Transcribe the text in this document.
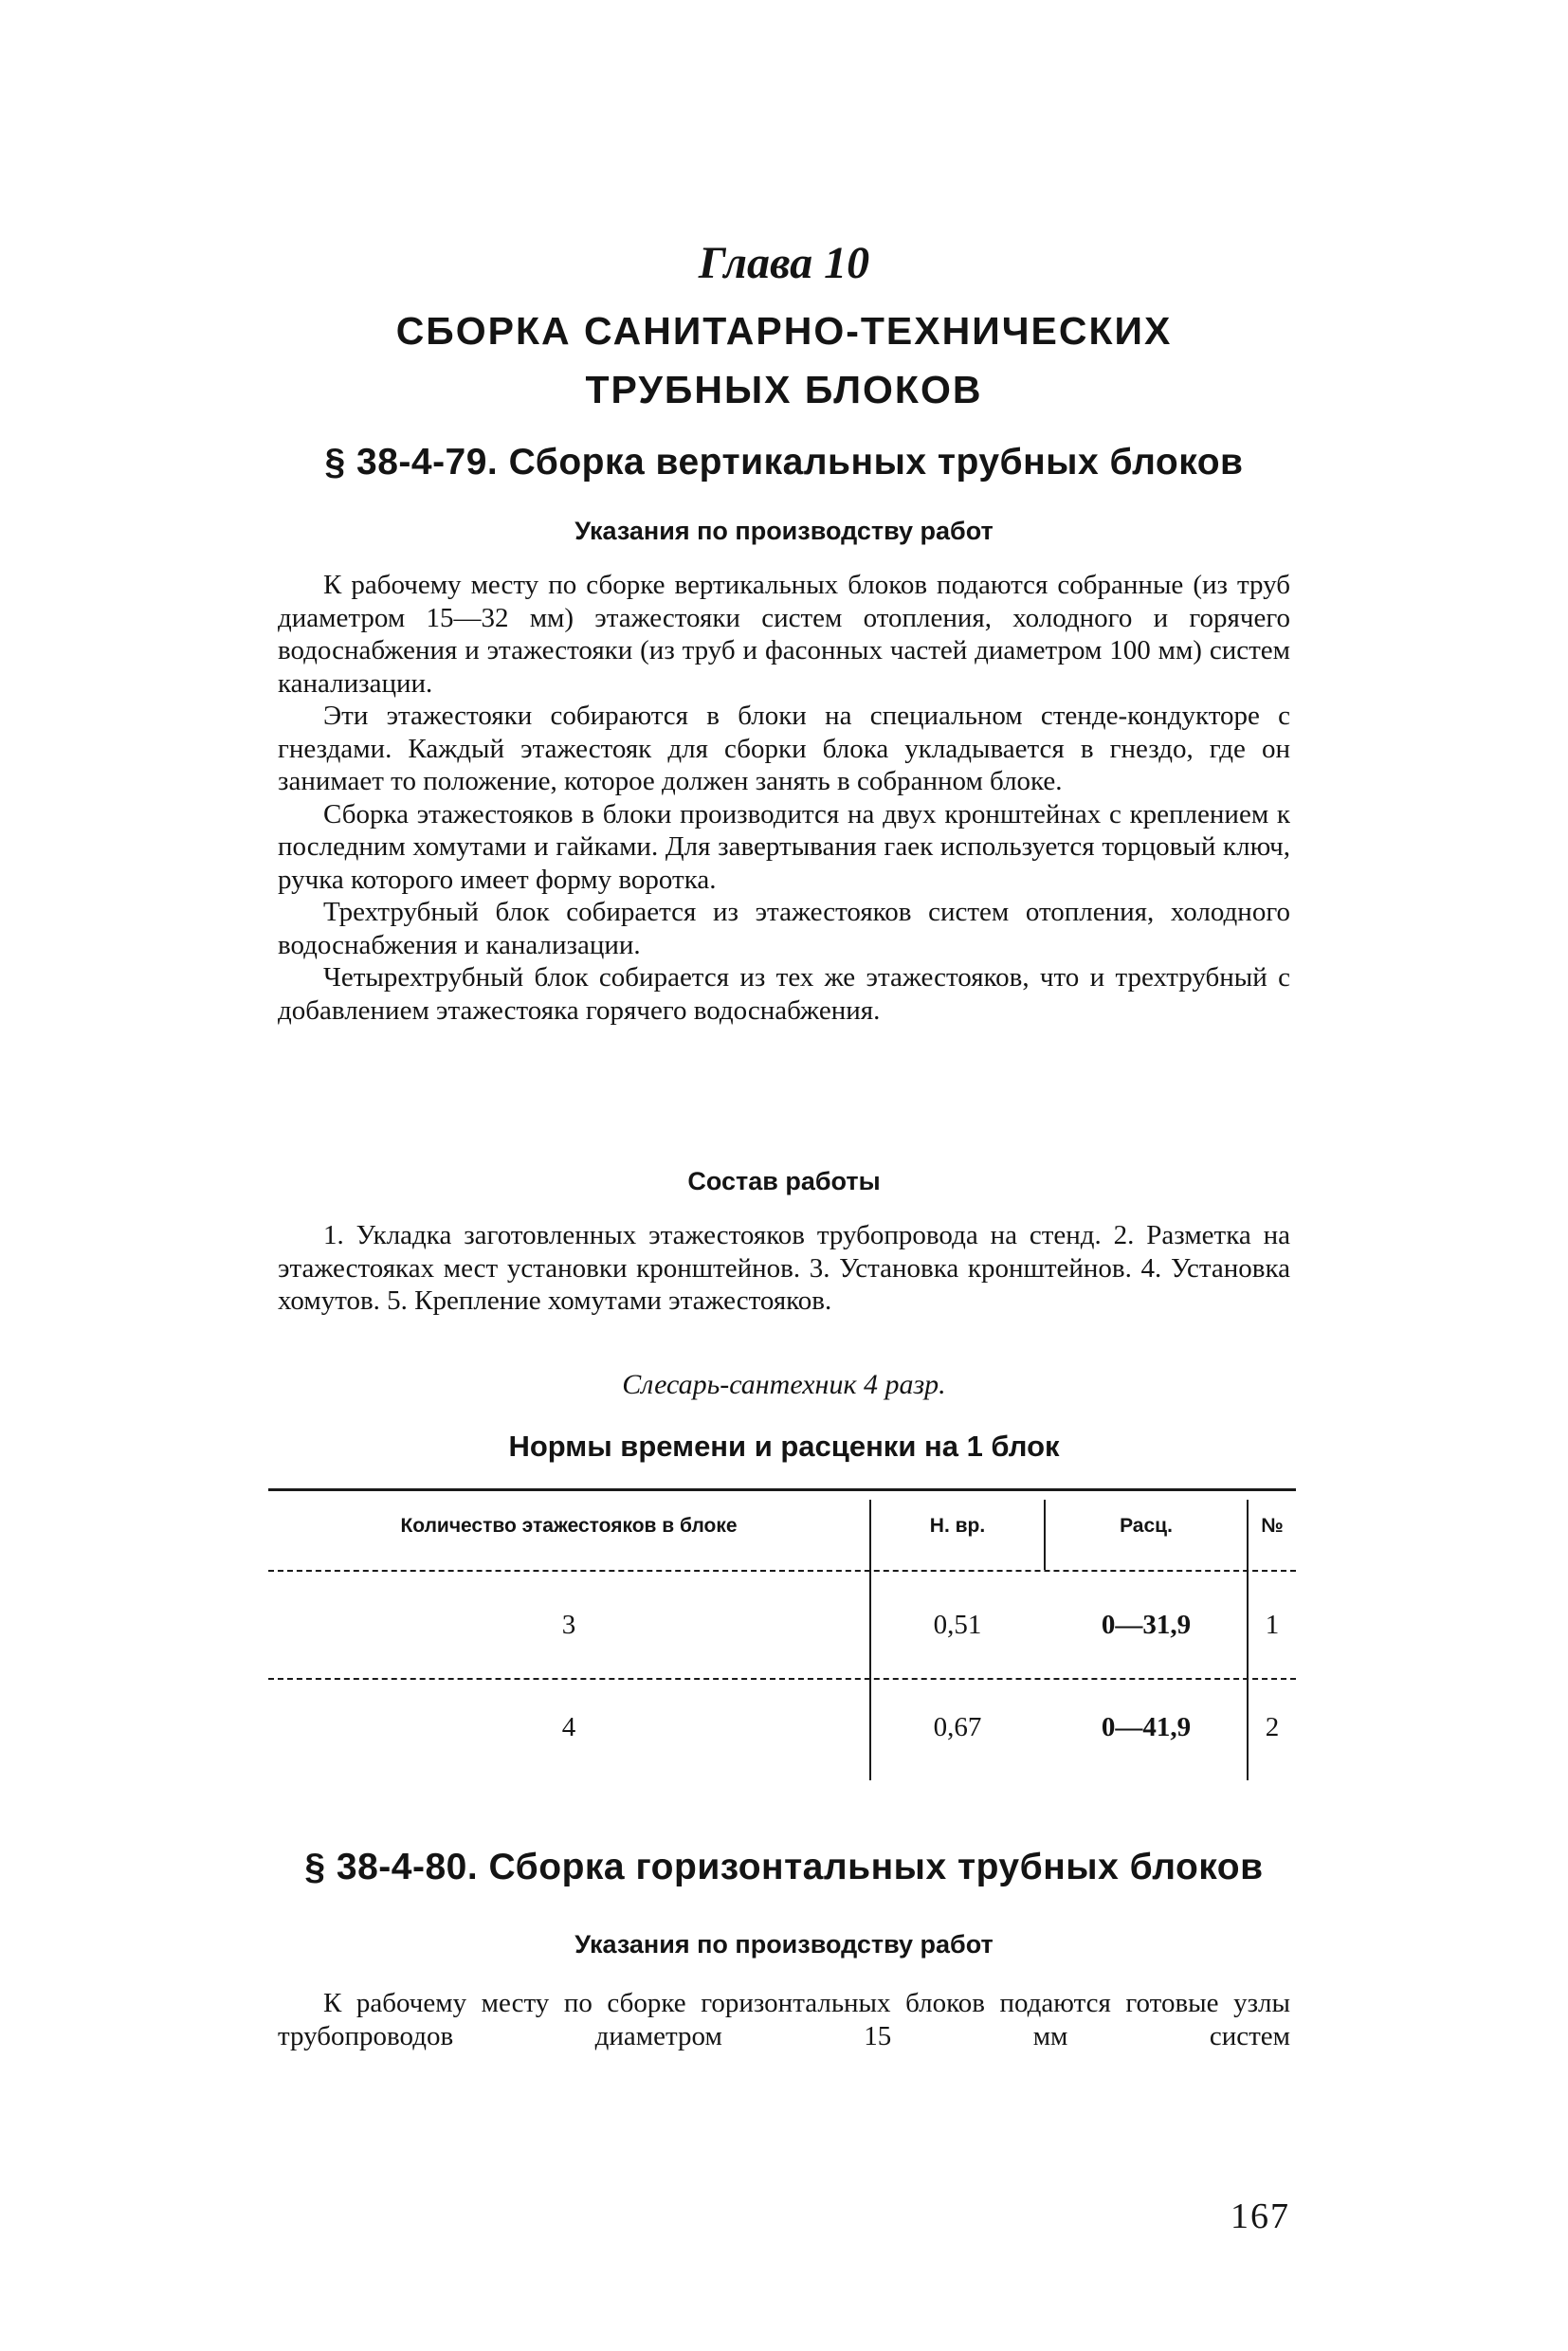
Глава 10
СБОРКА САНИТАРНО-ТЕХНИЧЕСКИХ
ТРУБНЫХ БЛОКОВ
§ 38-4-79. Сборка вертикальных трубных блоков
Указания по производству работ

К рабочему месту по сборке вертикальных блоков подаются собранные (из труб диаметром 15—32 мм) этажестояки систем отопления, холодного и горячего водоснабжения и этажестояки (из труб и фасонных частей диаметром 100 мм) систем канализации.

Эти этажестояки собираются в блоки на специальном стенде-кондукторе с гнездами. Каждый этажестояк для сборки блока укладывается в гнездо, где он занимает то положение, которое должен занять в собранном блоке.

Сборка этажестояков в блоки производится на двух кронштейнах с креплением к последним хомутами и гайками. Для завертывания гаек используется торцовый ключ, ручка которого имеет форму воротка.

Трехтрубный блок собирается из этажестояков систем отопления, холодного водоснабжения и канализации.

Четырехтрубный блок собирается из тех же этажестояков, что и трехтрубный с добавлением этажестояка горячего водоснабжения.

Состав работы

1. Укладка заготовленных этажестояков трубопровода на стенд. 2. Разметка на этажестояках мест установки кронштейнов. 3. Установка кронштейнов. 4. Установка хомутов. 5. Крепление хомутами этажестояков.

Слесарь-сантехник 4 разр.
Нормы времени и расценки на 1 блок
Количество этажестояков в блоке	Н. вр.	Расц.	№
3	0,51	0—31,9	1
4	0,67	0—41,9	2
§ 38-4-80. Сборка горизонтальных трубных блоков
Указания по производству работ

К рабочему месту по сборке горизонтальных блоков подаются готовые узлы трубопроводов диаметром 15 мм систем

167
